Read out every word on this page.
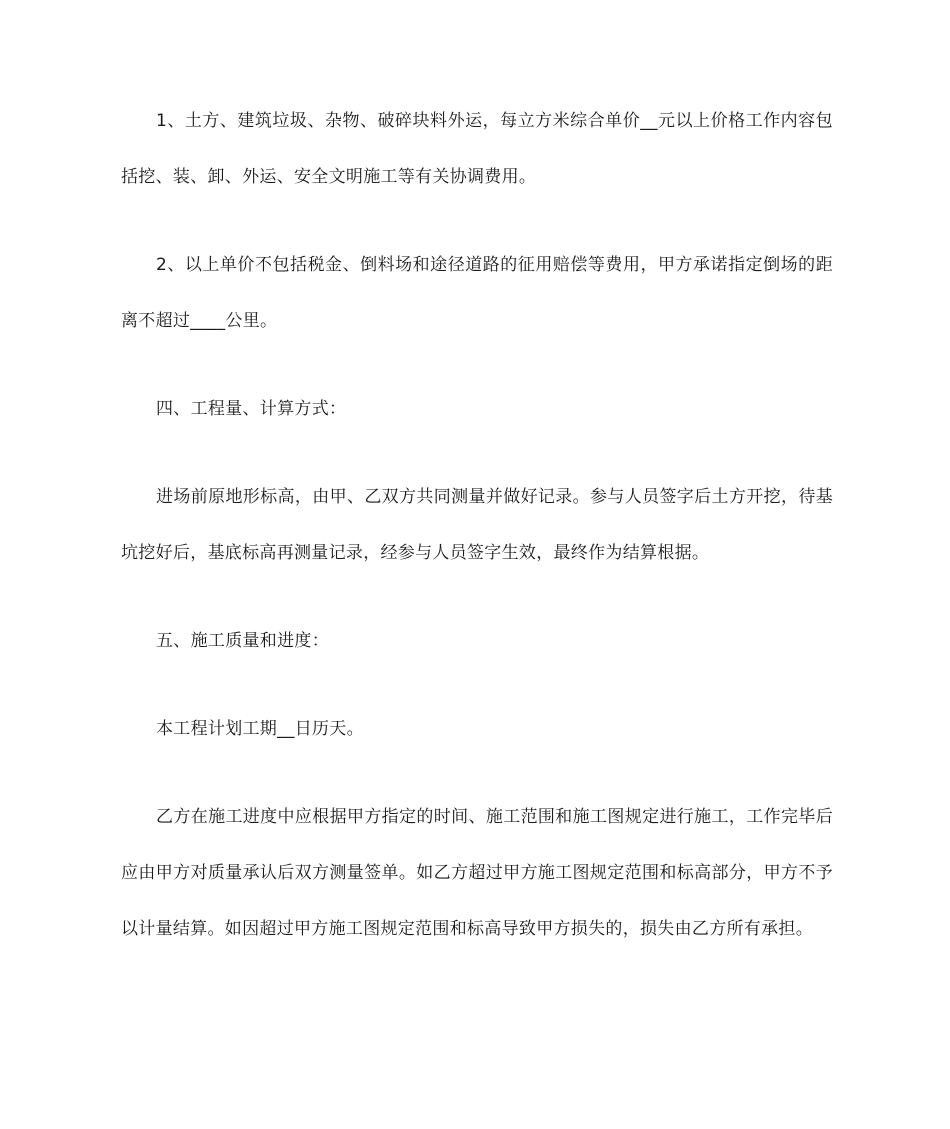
1、土方、建筑垃圾、杂物、破碎块料外运，每立方米综合单价__元以上价格工作内容包括挖、装、卸、外运、安全文明施工等有关协调费用。

2、以上单价不包括税金、倒料场和途径道路的征用赔偿等费用，甲方承诺指定倒场的距离不超过____公里。

四、工程量、计算方式：

进场前原地形标高，由甲、乙双方共同测量并做好记录。参与人员签字后土方开挖，待基坑挖好后，基底标高再测量记录，经参与人员签字生效，最终作为结算根据。

五、施工质量和进度：

本工程计划工期__日历天。

乙方在施工进度中应根据甲方指定的时间、施工范围和施工图规定进行施工，工作完毕后应由甲方对质量承认后双方测量签单。如乙方超过甲方施工图规定范围和标高部分，甲方不予以计量结算。如因超过甲方施工图规定范围和标高导致甲方损失的，损失由乙方所有承担。
